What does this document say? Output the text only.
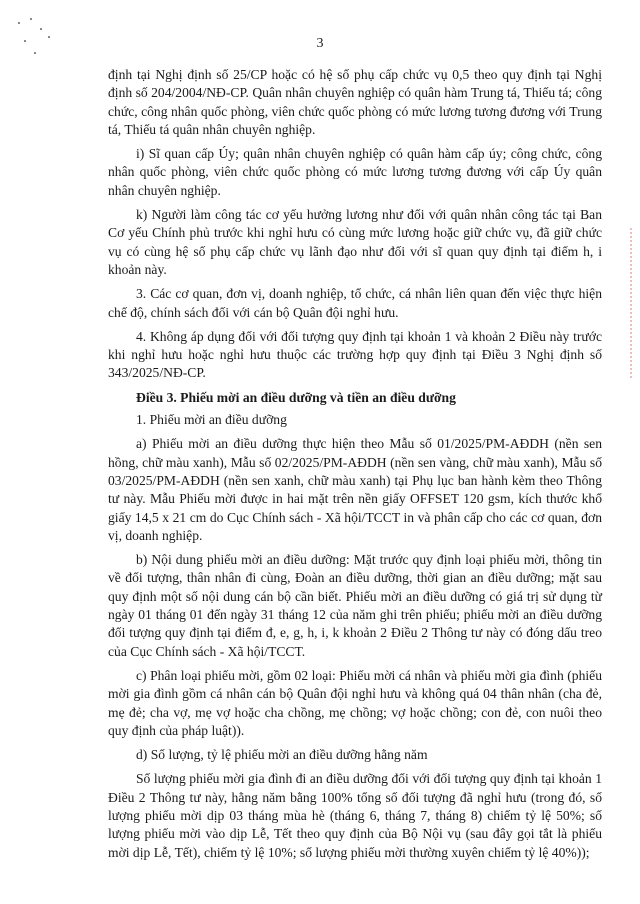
3

định tại Nghị định số 25/CP hoặc có hệ số phụ cấp chức vụ 0,5 theo quy định tại Nghị định số 204/2004/NĐ-CP. Quân nhân chuyên nghiệp có quân hàm Trung tá, Thiếu tá; công chức, công nhân quốc phòng, viên chức quốc phòng có mức lương tương đương với Trung tá, Thiếu tá quân nhân chuyên nghiệp.

i) Sĩ quan cấp Úy; quân nhân chuyên nghiệp có quân hàm cấp úy; công chức, công nhân quốc phòng, viên chức quốc phòng có mức lương tương đương với cấp Úy quân nhân chuyên nghiệp.

k) Người làm công tác cơ yếu hưởng lương như đối với quân nhân công tác tại Ban Cơ yếu Chính phủ trước khi nghỉ hưu có cùng mức lương hoặc giữ chức vụ, đã giữ chức vụ có cùng hệ số phụ cấp chức vụ lãnh đạo như đối với sĩ quan quy định tại điểm h, i khoản này.

3. Các cơ quan, đơn vị, doanh nghiệp, tổ chức, cá nhân liên quan đến việc thực hiện chế độ, chính sách đối với cán bộ Quân đội nghỉ hưu.

4. Không áp dụng đối với đối tượng quy định tại khoản 1 và khoản 2 Điều này trước khi nghỉ hưu hoặc nghỉ hưu thuộc các trường hợp quy định tại Điều 3 Nghị định số 343/2025/NĐ-CP.

Điều 3. Phiếu mời an điều dưỡng và tiền an điều dưỡng

1. Phiếu mời an điều dưỡng

a) Phiếu mời an điều dưỡng thực hiện theo Mẫu số 01/2025/PM-AĐDH (nền sen hồng, chữ màu xanh), Mẫu số 02/2025/PM-AĐDH (nền sen vàng, chữ màu xanh), Mẫu số 03/2025/PM-AĐDH (nền sen xanh, chữ màu xanh) tại Phụ lục ban hành kèm theo Thông tư này. Mẫu Phiếu mời được in hai mặt trên nền giấy OFFSET 120 gsm, kích thước khổ giấy 14,5 x 21 cm do Cục Chính sách - Xã hội/TCCT in và phân cấp cho các cơ quan, đơn vị, doanh nghiệp.

b) Nội dung phiếu mời an điều dưỡng: Mặt trước quy định loại phiếu mời, thông tin về đối tượng, thân nhân đi cùng, Đoàn an điều dưỡng, thời gian an điều dưỡng; mặt sau quy định một số nội dung cán bộ cần biết. Phiếu mời an điều dưỡng có giá trị sử dụng từ ngày 01 tháng 01 đến ngày 31 tháng 12 của năm ghi trên phiếu; phiếu mời an điều dưỡng đối tượng quy định tại điểm đ, e, g, h, i, k khoản 2 Điều 2 Thông tư này có đóng dấu treo của Cục Chính sách - Xã hội/TCCT.

c) Phân loại phiếu mời, gồm 02 loại: Phiếu mời cá nhân và phiếu mời gia đình (phiếu mời gia đình gồm cá nhân cán bộ Quân đội nghỉ hưu và không quá 04 thân nhân (cha đẻ, mẹ đẻ; cha vợ, mẹ vợ hoặc cha chồng, mẹ chồng; vợ hoặc chồng; con đẻ, con nuôi theo quy định của pháp luật)).

d) Số lượng, tỷ lệ phiếu mời an điều dưỡng hằng năm

Số lượng phiếu mời gia đình đi an điều dưỡng đối với đối tượng quy định tại khoản 1 Điều 2 Thông tư này, hằng năm bằng 100% tổng số đối tượng đã nghỉ hưu (trong đó, số lượng phiếu mời dịp 03 tháng mùa hè (tháng 6, tháng 7, tháng 8) chiếm tỷ lệ 50%; số lượng phiếu mời vào dịp Lễ, Tết theo quy định của Bộ Nội vụ (sau đây gọi tắt là phiếu mời dịp Lễ, Tết), chiếm tỷ lệ 10%; số lượng phiếu mời thường xuyên chiếm tỷ lệ 40%));
